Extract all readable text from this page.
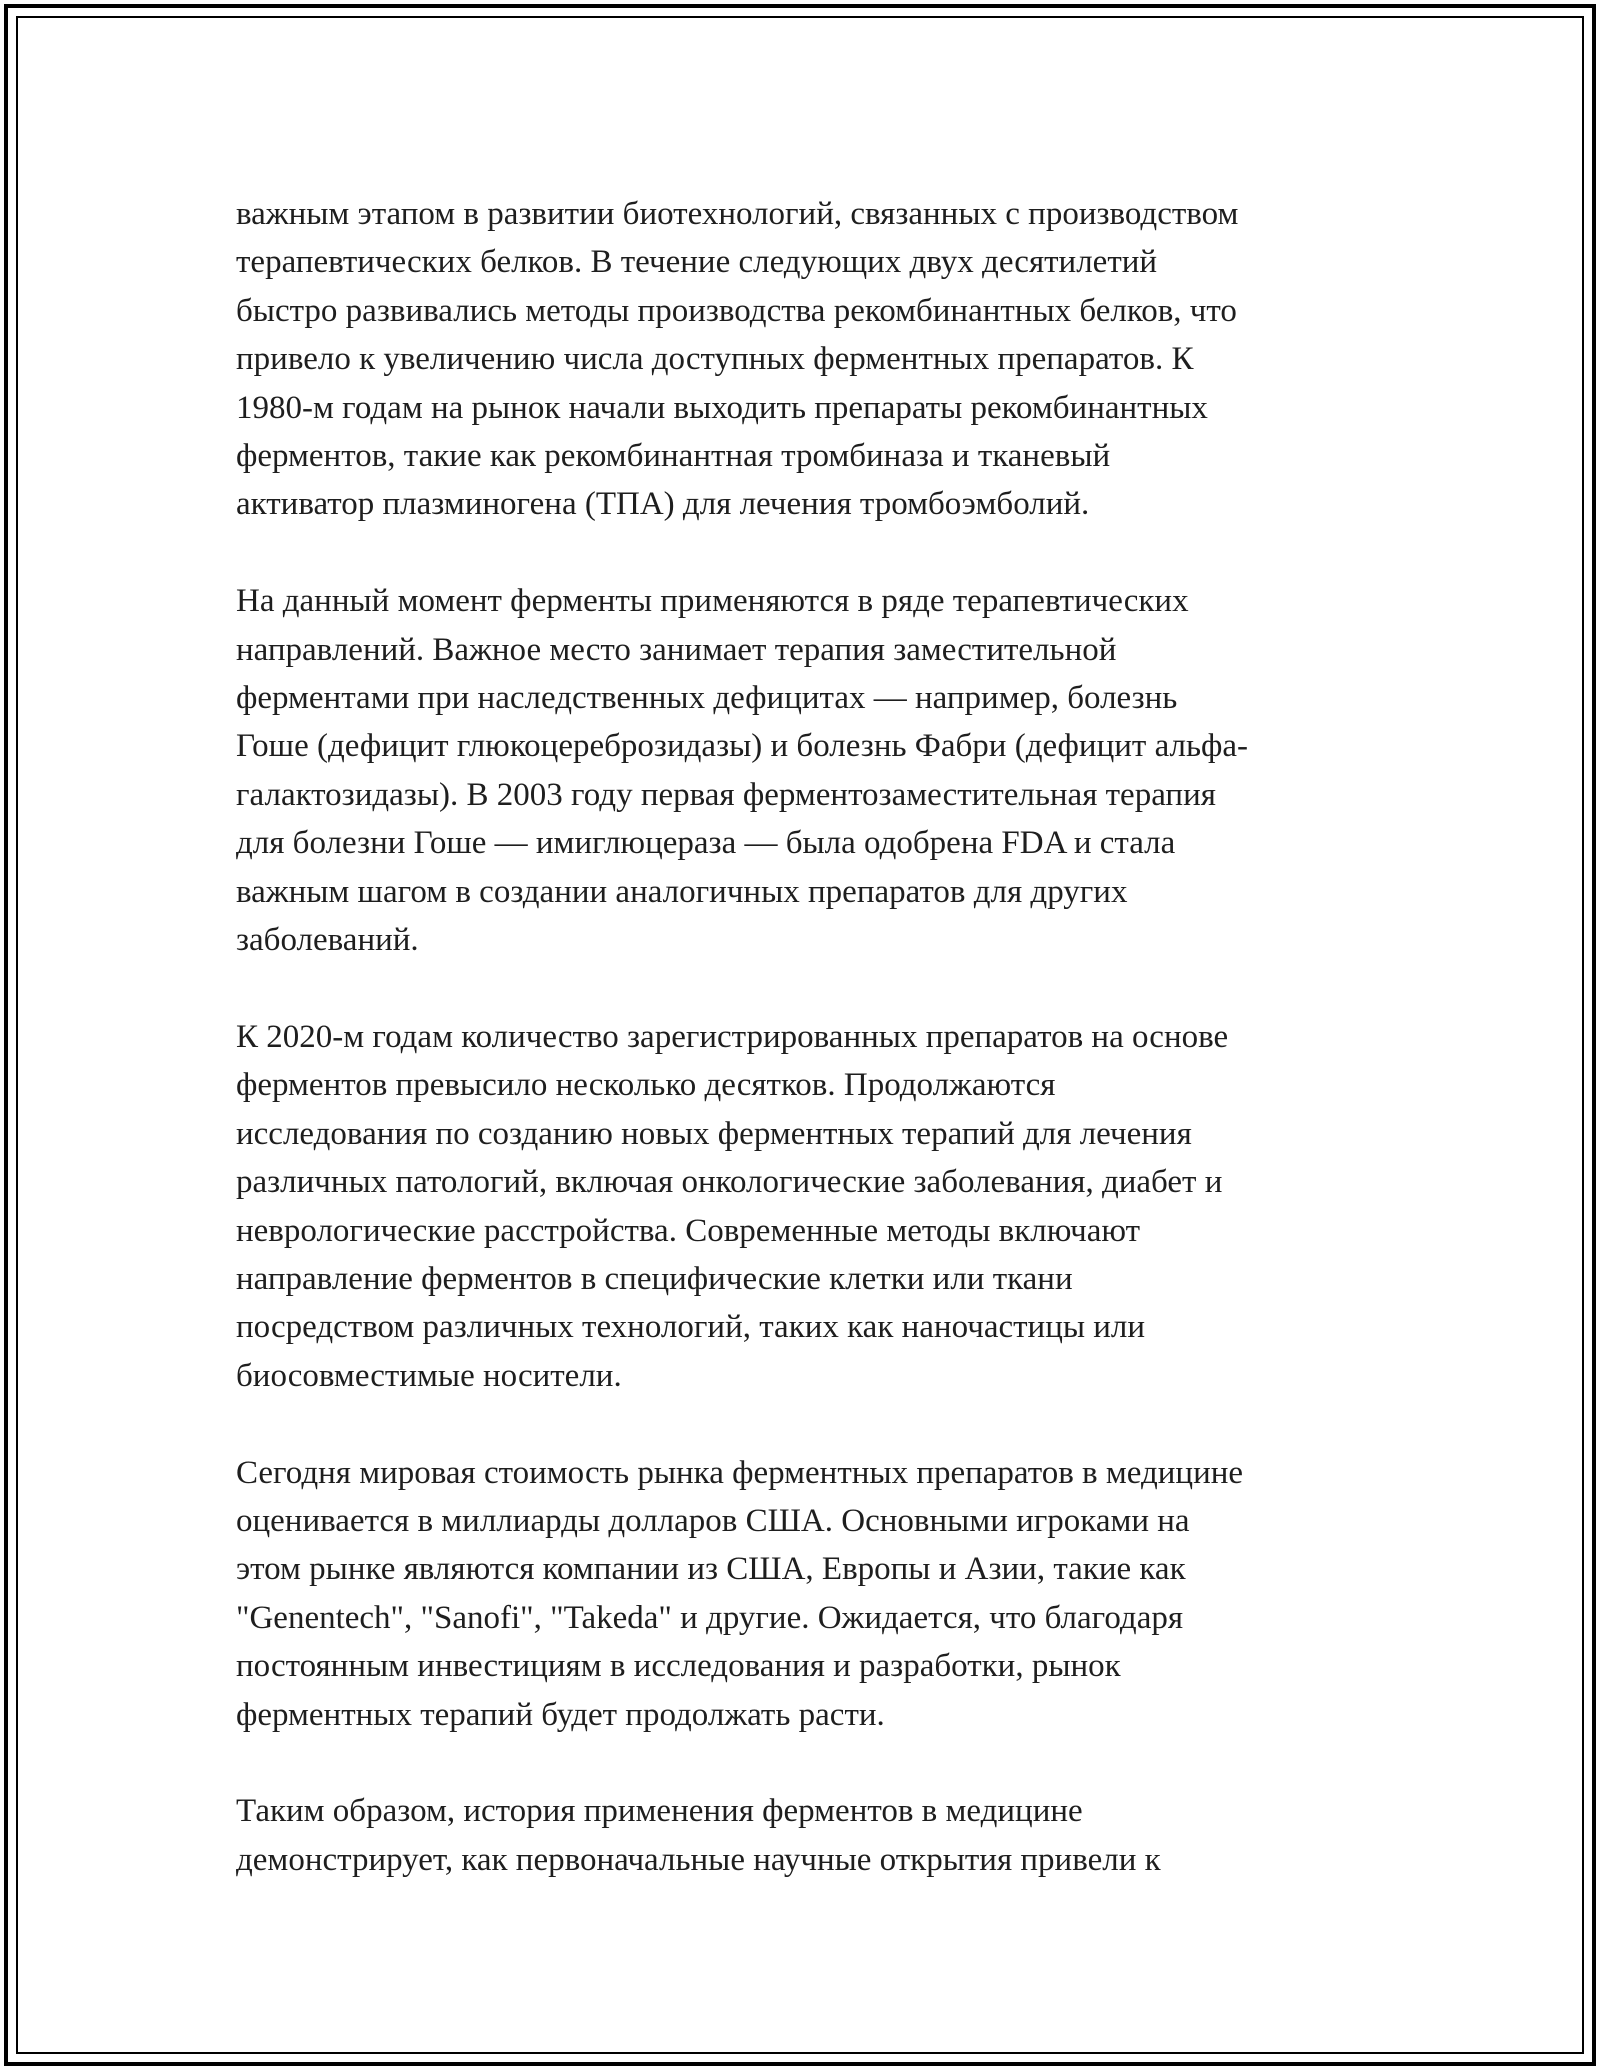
важным этапом в развитии биотехнологий, связанных с производством
терапевтических белков. В течение следующих двух десятилетий
быстро развивались методы производства рекомбинантных белков, что
привело к увеличению числа доступных ферментных препаратов. К
1980-м годам на рынок начали выходить препараты рекомбинантных
ферментов, такие как рекомбинантная тромбиназа и тканевый
активатор плазминогена (ТПА) для лечения тромбоэмболий.

На данный момент ферменты применяются в ряде терапевтических
направлений. Важное место занимает терапия заместительной
ферментами при наследственных дефицитах — например, болезнь
Гоше (дефицит глюкоцереброзидазы) и болезнь Фабри (дефицит альфа-
галактозидазы). В 2003 году первая ферментозаместительная терапия
для болезни Гоше — имиглюцераза — была одобрена FDA и стала
важным шагом в создании аналогичных препаратов для других
заболеваний.

К 2020-м годам количество зарегистрированных препаратов на основе
ферментов превысило несколько десятков. Продолжаются
исследования по созданию новых ферментных терапий для лечения
различных патологий, включая онкологические заболевания, диабет и
неврологические расстройства. Современные методы включают
направление ферментов в специфические клетки или ткани
посредством различных технологий, таких как наночастицы или
биосовместимые носители.

Сегодня мировая стоимость рынка ферментных препаратов в медицине
оценивается в миллиарды долларов США. Основными игроками на
этом рынке являются компании из США, Европы и Азии, такие как
"Genentech", "Sanofi", "Takeda" и другие. Ожидается, что благодаря
постоянным инвестициям в исследования и разработки, рынок
ферментных терапий будет продолжать расти.

Таким образом, история применения ферментов в медицине
демонстрирует, как первоначальные научные открытия привели к
